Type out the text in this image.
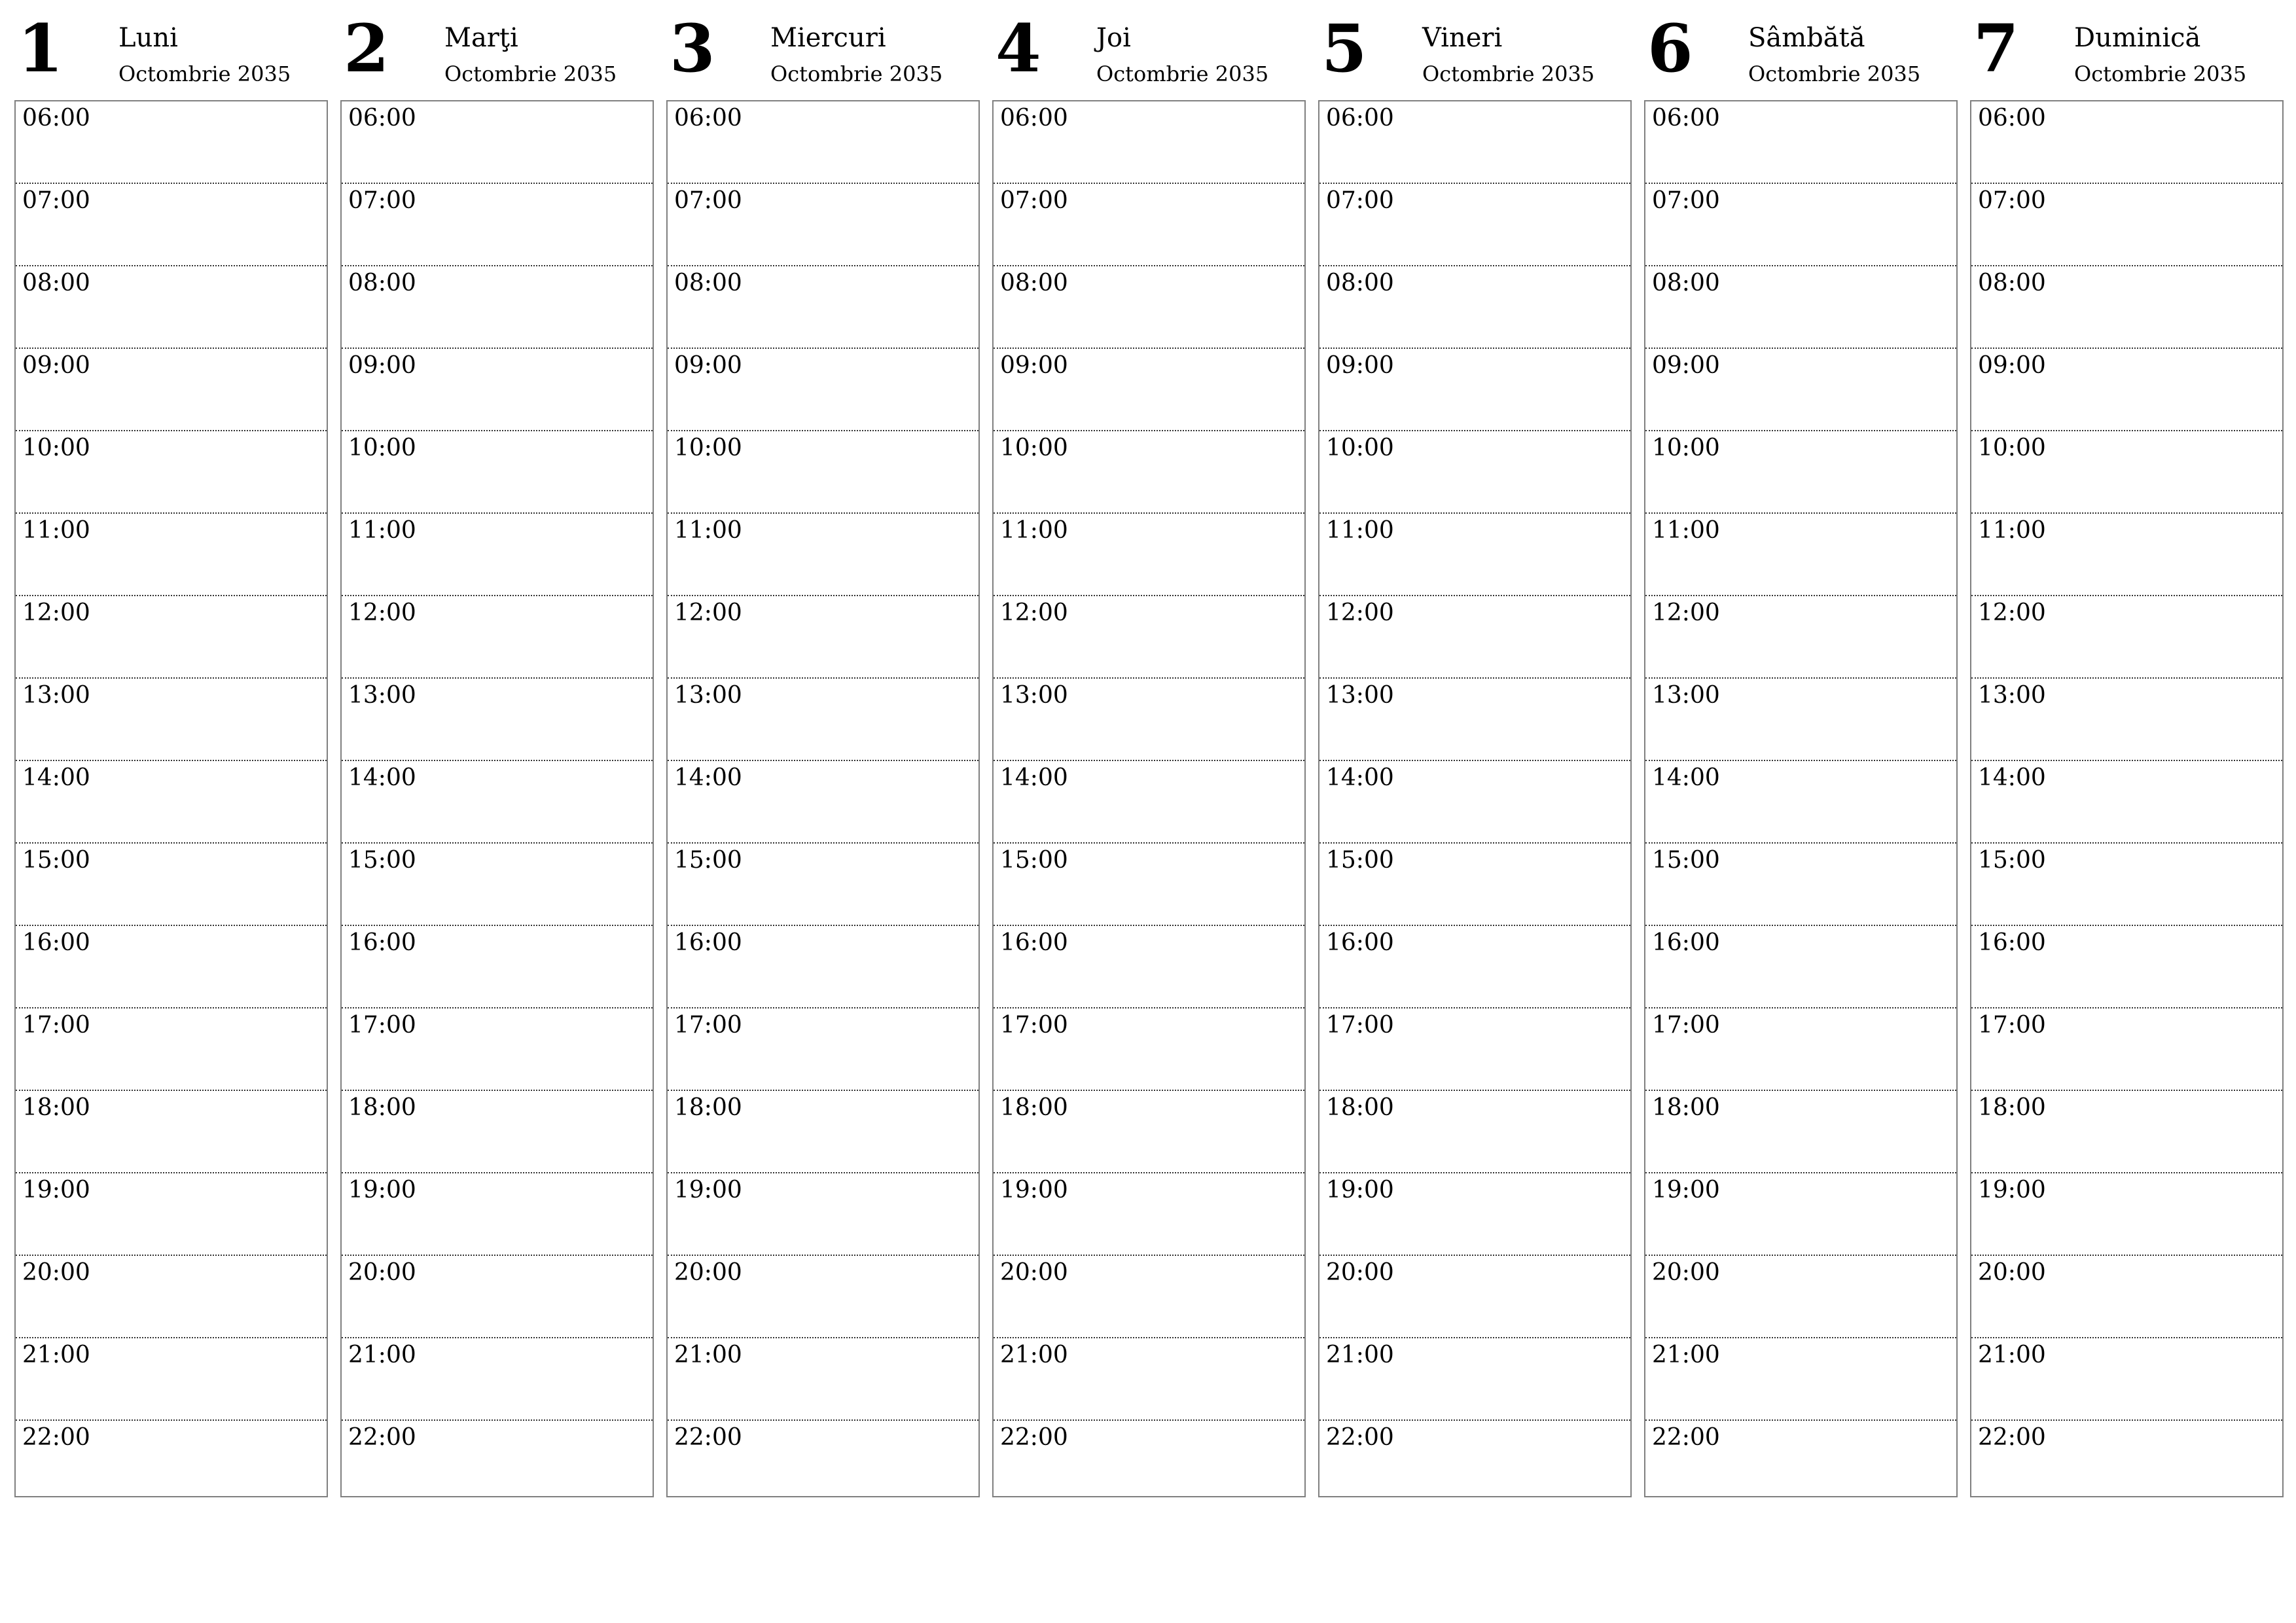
1 Luni
Octombrie 2035
06:00
07:00
08:00
09:00
10:00
11:00
12:00
13:00
14:00
15:00
16:00
17:00
18:00
19:00
20:00
21:00
22:00
2 Marţi
Octombrie 2035
06:00
07:00
08:00
09:00
10:00
11:00
12:00
13:00
14:00
15:00
16:00
17:00
18:00
19:00
20:00
21:00
22:00
3 Miercuri
Octombrie 2035
06:00
07:00
08:00
09:00
10:00
11:00
12:00
13:00
14:00
15:00
16:00
17:00
18:00
19:00
20:00
21:00
22:00
4 Joi
Octombrie 2035
06:00
07:00
08:00
09:00
10:00
11:00
12:00
13:00
14:00
15:00
16:00
17:00
18:00
19:00
20:00
21:00
22:00
5 Vineri
Octombrie 2035
06:00
07:00
08:00
09:00
10:00
11:00
12:00
13:00
14:00
15:00
16:00
17:00
18:00
19:00
20:00
21:00
22:00
6 Sâmbătă
Octombrie 2035
06:00
07:00
08:00
09:00
10:00
11:00
12:00
13:00
14:00
15:00
16:00
17:00
18:00
19:00
20:00
21:00
22:00
7 Duminică
Octombrie 2035
06:00
07:00
08:00
09:00
10:00
11:00
12:00
13:00
14:00
15:00
16:00
17:00
18:00
19:00
20:00
21:00
22:00
